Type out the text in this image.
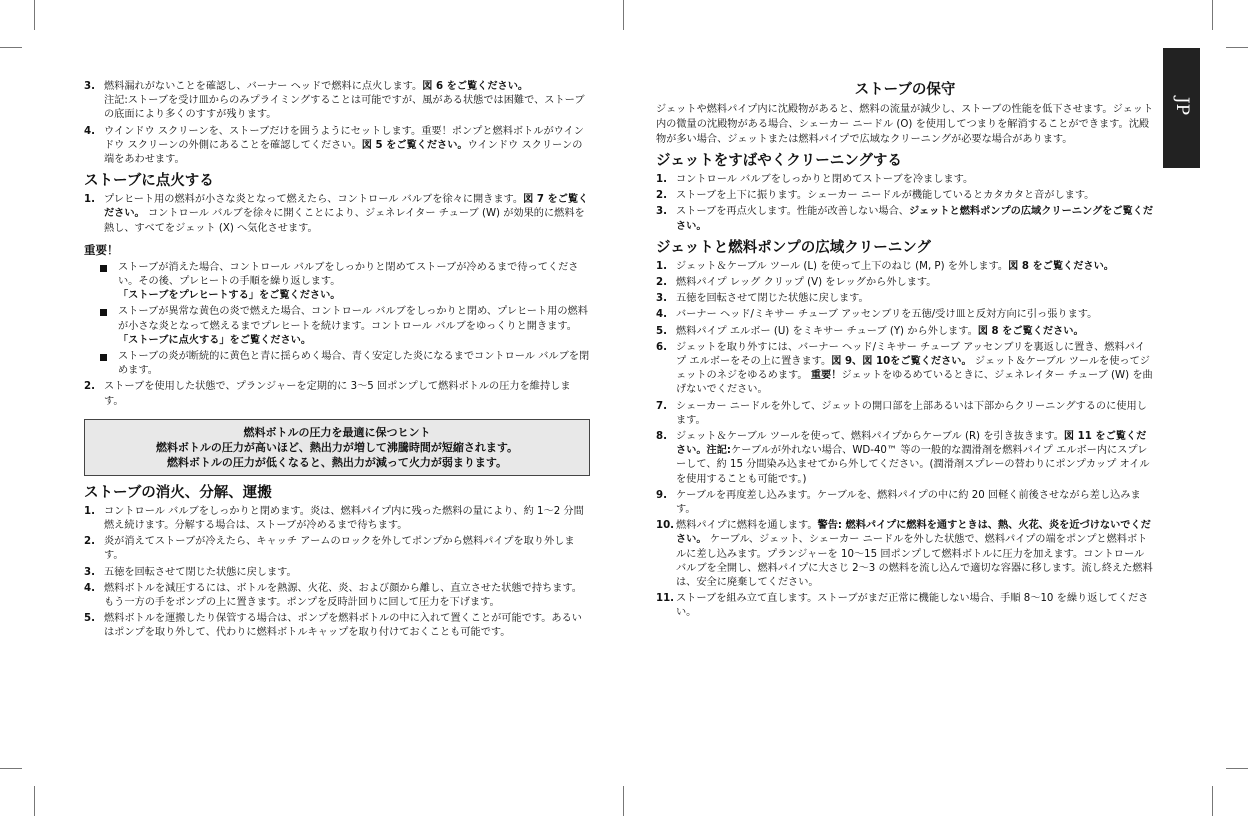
JP
3. 燃料漏れがないことを確認し、バーナー ヘッドで燃料に点火します。図 6 をご覧ください。
注記:ストーブを受け皿からのみプライミングすることは可能ですが、風がある状態では困難で、ストーブの底面により多くのすすが残ります。
4. ウインドウ スクリーンを、ストーブだけを囲うようにセットします。重要！ポンプと燃料ボトルがウインドウ スクリーンの外側にあることを確認してください。図 5 をご覧ください。ウインドウ スクリーンの端をあわせます。
ストーブに点火する
1. プレヒート用の燃料が小さな炎となって燃えたら、コントロール バルブを徐々に開きます。図 7 をご覧ください。 コントロール バルブを徐々に開くことにより、ジェネレイター チューブ (W) が効果的に燃料を熱し、すべてをジェット (X) へ気化させます。
重要！
ストーブが消えた場合、コントロール バルブをしっかりと閉めてストーブが冷めるまで待ってください。その後、プレヒートの手順を繰り返します。
「ストーブをプレヒートする」をご覧ください。
ストーブが異常な黄色の炎で燃えた場合、コントロール バルブをしっかりと閉め、プレヒート用の燃料が小さな炎となって燃えるまでプレヒートを続けます。コントロール バルブをゆっくりと開きます。「ストーブに点火する」をご覧ください。
ストーブの炎が断続的に黄色と青に揺らめく場合、青く安定した炎になるまでコントロール バルブを閉めます。
2. ストーブを使用した状態で、プランジャーを定期的に 3〜5 回ポンプして燃料ボトルの圧力を維持します。
燃料ボトルの圧力を最適に保つヒント
燃料ボトルの圧力が高いほど、熱出力が増して沸騰時間が短縮されます。
燃料ボトルの圧力が低くなると、熱出力が減って火力が弱まります。
ストーブの消火、分解、運搬
1. コントロール バルブをしっかりと閉めます。炎は、燃料パイプ内に残った燃料の量により、約 1〜2 分間燃え続けます。分解する場合は、ストーブが冷めるまで待ちます。
2. 炎が消えてストーブが冷えたら、キャッチ アームのロックを外してポンプから燃料パイプを取り外します。
3. 五徳を回転させて閉じた状態に戻します。
4. 燃料ボトルを減圧するには、ボトルを熱源、火花、炎、および顔から離し、直立させた状態で持ちます。もう一方の手をポンプの上に置きます。ポンプを反時計回りに回して圧力を下げます。
5. 燃料ボトルを運搬したり保管する場合は、ポンプを燃料ボトルの中に入れて置くことが可能です。あるいはポンプを取り外して、代わりに燃料ボトルキャップを取り付けておくことも可能です。
ストーブの保守
ジェットや燃料パイプ内に沈殿物があると、燃料の流量が減少し、ストーブの性能を低下させます。ジェット内の微量の沈殿物がある場合、シェーカー ニードル (O) を使用してつまりを解消することができます。沈殿物が多い場合、ジェットまたは燃料パイプで広域なクリーニングが必要な場合があります。
ジェットをすばやくクリーニングする
1. コントロール バルブをしっかりと閉めてストーブを冷まします。
2. ストーブを上下に振ります。シェーカー ニードルが機能しているとカタカタと音がします。
3. ストーブを再点火します。性能が改善しない場合、ジェットと燃料ポンプの広域クリーニングをご覧ください。
ジェットと燃料ポンプの広域クリーニング
1. ジェット＆ケーブル ツール (L) を使って上下のねじ (M, P) を外します。図 8 をご覧ください。
2. 燃料パイプ レッグ クリップ (V) をレッグから外します。
3. 五徳を回転させて閉じた状態に戻します。
4. バーナー ヘッド/ミキサー チューブ アッセンブリを五徳/受け皿と反対方向に引っ張ります。
5. 燃料パイプ エルボー (U) をミキサー チューブ (Y) から外します。図 8 をご覧ください。
6. ジェットを取り外すには、バーナー ヘッド/ミキサー チューブ アッセンブリを裏返しに置き、燃料パイプ エルボーをその上に置きます。図 9、図 10をご覧ください。 ジェット＆ケーブル ツールを使ってジェットのネジをゆるめます。 重要！ジェットをゆるめているときに、ジェネレイター チューブ (W) を曲げないでください。
7. シェーカー ニードルを外して、ジェットの開口部を上部あるいは下部からクリーニングするのに使用します。
8. ジェット＆ケーブル ツールを使って、燃料パイプからケーブル (R) を引き抜きます。図 11 をご覧ください。注記:ケーブルが外れない場合、WD-40™ 等の一般的な潤滑剤を燃料パイプ エルボー内にスプレーして、約 15 分間染み込ませてから外してください。(潤滑剤スプレーの替わりにポンプカップ オイルを使用することも可能です。)
9. ケーブルを再度差し込みます。ケーブルを、燃料パイプの中に約 20 回軽く前後させながら差し込みます。
10. 燃料パイプに燃料を通します。警告: 燃料パイプに燃料を通すときは、熱、火花、炎を近づけないでください。 ケーブル、ジェット、シェーカー ニードルを外した状態で、燃料パイプの端をポンプと燃料ボトルに差し込みます。プランジャーを 10〜15 回ポンプして燃料ボトルに圧力を加えます。コントロール バルブを全開し、燃料パイプに大さじ 2〜3 の燃料を流し込んで適切な容器に移します。流し終えた燃料は、安全に廃棄してください。
11. ストーブを組み立て直します。ストーブがまだ正常に機能しない場合、手順 8〜10 を繰り返してください。
